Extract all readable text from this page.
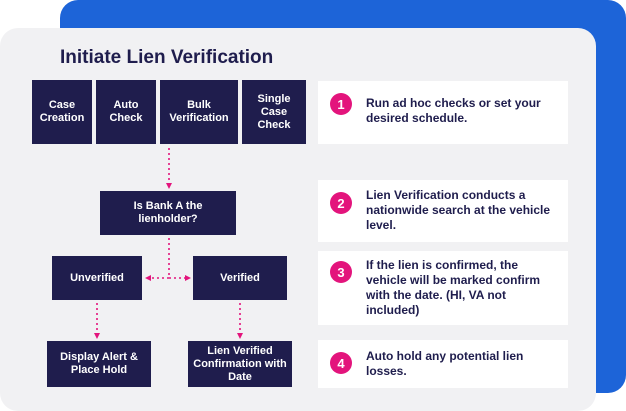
Initiate Lien Verification
Case Creation
Auto Check
Bulk Verification
Single Case Check
Is Bank A the lienholder?
Unverified	Verified
Display Alert & Place Hold
Lien Verified Confirmation with Date
1	Run ad hoc checks or set your desired schedule.
2
Lien Verification conducts a nationwide search at the vehicle level.
3	If the lien is confirmed, the vehicle will be marked confirm with the date. (HI, VA not included)
4	Auto hold any potential lien losses.
